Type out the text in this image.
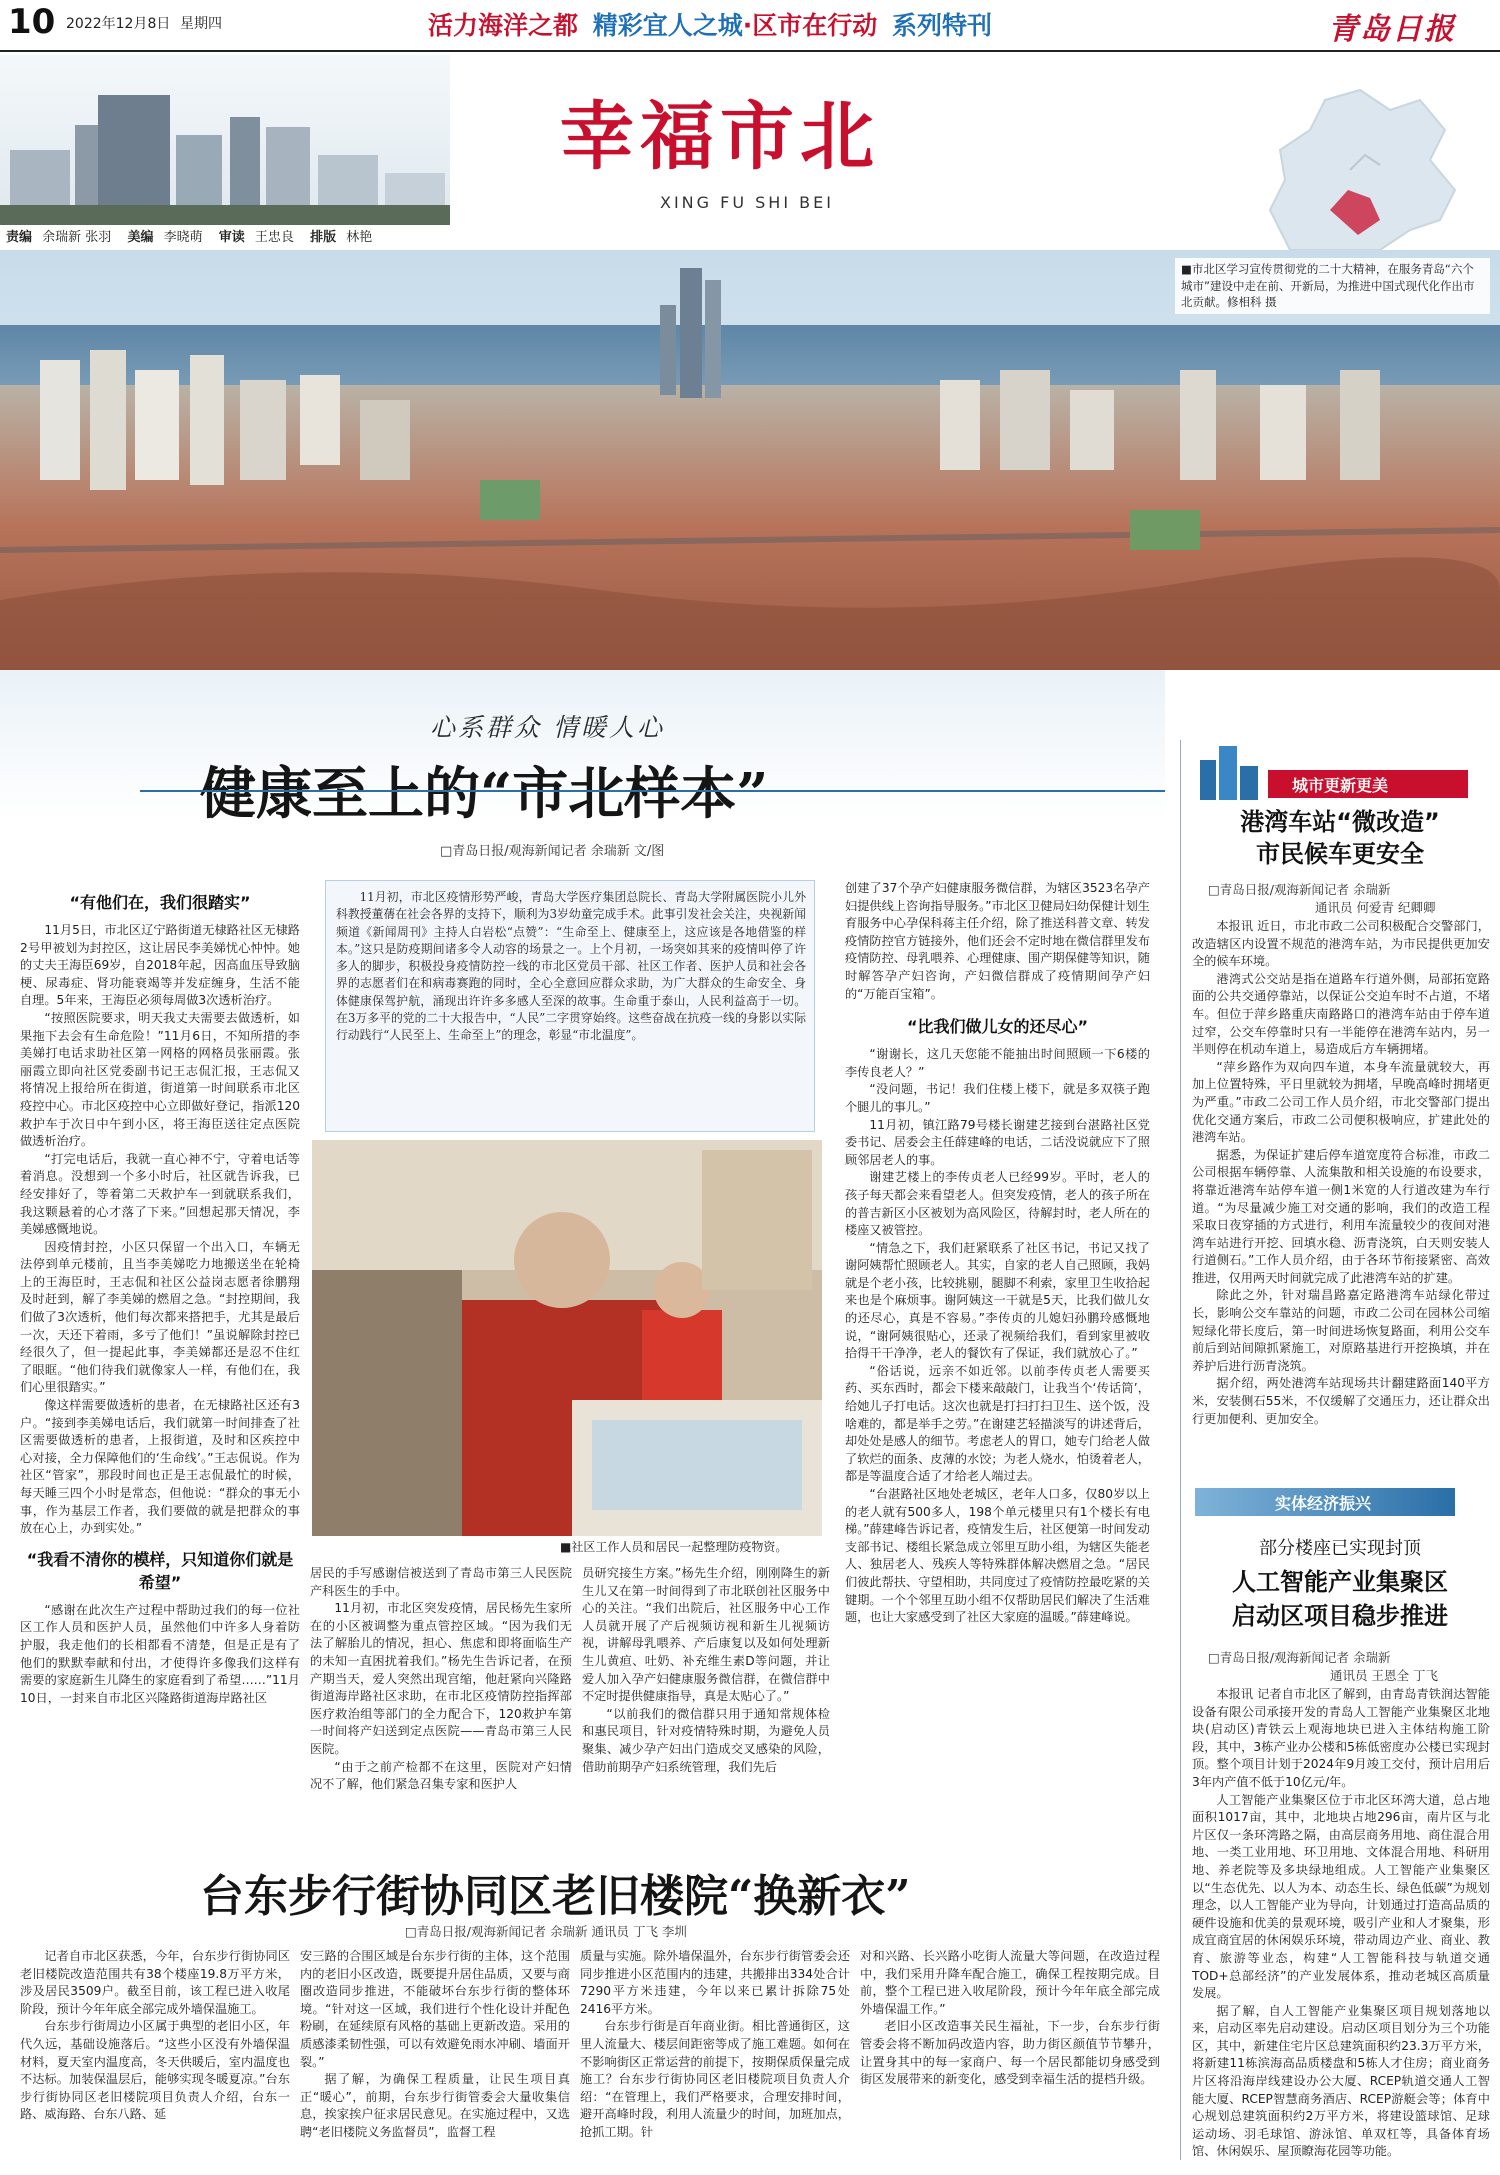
10 2022年12月8日 星期四	活力海洋之都 精彩宜人之城·区市在行动 系列特刊	青岛日报
幸福市北
XING FU SHI BEI
责编 余瑞新 张羽 美编 李晓萌 审读 王忠良 排版 林艳
■市北区学习宣传贯彻党的二十大精神，在服务青岛“六个城市”建设中走在前、开新局，为推进中国式现代化作出市北贡献。修相科 摄
心系群众 情暖人心
健康至上的“市北样本”
□青岛日报/观海新闻记者 余瑞新 文/图
11月初，市北区疫情形势严峻，青岛大学医疗集团总院长、青岛大学附属医院小儿外科教授董蒨在社会各界的支持下，顺利为3岁幼童完成手术。此事引发社会关注，央视新闻频道《新闻周刊》主持人白岩松“点赞”：“生命至上、健康至上，这应该是各地借鉴的样本。”这只是防疫期间诸多令人动容的场景之一。上个月初，一场突如其来的疫情叫停了许多人的脚步，积极投身疫情防控一线的市北区党员干部、社区工作者、医护人员和社会各界的志愿者们在和病毒赛跑的同时，全心全意回应群众求助，为广大群众的生命安全、身体健康保驾护航，涌现出许许多多感人至深的故事。生命重于泰山，人民利益高于一切。在3万多平的党的二十大报告中，“人民”二字贯穿始终。这些奋战在抗疫一线的身影以实际行动践行“人民至上、生命至上”的理念，彰显“市北温度”。
■社区工作人员和居民一起整理防疫物资。
“有他们在，我们很踏实”

11月5日，市北区辽宁路街道无棣路社区无棣路2号甲被划为封控区，这让居民李美娣忧心忡忡。她的丈夫王海臣69岁，自2018年起，因高血压导致脑梗、尿毒症、肾功能衰竭等并发症缠身，生活不能自理。5年来，王海臣必须每周做3次透析治疗。

“按照医院要求，明天我丈夫需要去做透析，如果拖下去会有生命危险！”11月6日，不知所措的李美娣打电话求助社区第一网格的网格员张丽霞。张丽霞立即向社区党委副书记王志侃汇报，王志侃又将情况上报给所在街道，街道第一时间联系市北区疫控中心。市北区疫控中心立即做好登记，指派120救护车于次日中午到小区，将王海臣送往定点医院做透析治疗。

“打完电话后，我就一直心神不宁，守着电话等着消息。没想到一个多小时后，社区就告诉我，已经安排好了，等着第二天救护车一到就联系我们，我这颗悬着的心才落了下来。”回想起那天情况，李美娣感慨地说。

因疫情封控，小区只保留一个出入口，车辆无法停到单元楼前，且当李美娣吃力地搬送坐在轮椅上的王海臣时，王志侃和社区公益岗志愿者徐鹏翔及时赶到，解了李美娣的燃眉之急。“封控期间，我们做了3次透析，他们每次都来搭把手，尤其是最后一次，天还下着雨，多亏了他们！”虽说解除封控已经很久了，但一提起此事，李美娣都还是忍不住红了眼眶。“他们待我们就像家人一样，有他们在，我们心里很踏实。”

像这样需要做透析的患者，在无棣路社区还有3户。“接到李美娣电话后，我们就第一时间排查了社区需要做透析的患者，上报街道，及时和区疾控中心对接，全力保障他们的‘生命线’。”王志侃说。作为社区“管家”，那段时间也正是王志侃最忙的时候，每天睡三四个小时是常态，但他说：“群众的事无小事，作为基层工作者，我们要做的就是把群众的事放在心上，办到实处。”

“我看不清你的模样，只知道你们就是希望”

“感谢在此次生产过程中帮助过我们的每一位社区工作人员和医护人员，虽然他们中许多人身着防护服，我走他们的长相都看不清楚，但是正是有了他们的默默奉献和付出，才使得许多像我们这样有需要的家庭新生儿降生的家庭看到了希望……”11月10日，一封来自市北区兴隆路街道海岸路社区

居民的手写感谢信被送到了青岛市第三人民医院产科医生的手中。

11月初，市北区突发疫情，居民杨先生家所在的小区被调整为重点管控区域。“因为我们无法了解胎儿的情况，担心、焦虑和即将面临生产的未知一直困扰着我们。”杨先生告诉记者，在预产期当天，爱人突然出现宫缩，他赶紧向兴隆路街道海岸路社区求助，在市北区疫情防控指挥部医疗救治组等部门的全力配合下，120救护车第一时间将产妇送到定点医院——青岛市第三人民医院。

“由于之前产检都不在这里，医院对产妇情况不了解，他们紧急召集专家和医护人

员研究接生方案。”杨先生介绍，刚刚降生的新生儿又在第一时间得到了市北联创社区服务中心的关注。“我们出院后，社区服务中心工作人员就开展了产后视频访视和新生儿视频访视，讲解母乳喂养、产后康复以及如何处理新生儿黄疸、吐奶、补充维生素D等问题，并让爱人加入孕产妇健康服务微信群，在微信群中不定时提供健康指导，真是太贴心了。”

“以前我们的微信群只用于通知常规体检和惠民项目，针对疫情特殊时期，为避免人员聚集、减少孕产妇出门造成交叉感染的风险，借助前期孕产妇系统管理，我们先后

创建了37个孕产妇健康服务微信群，为辖区3523名孕产妇提供线上咨询指导服务。”市北区卫健局妇幼保健计划生育服务中心孕保科蒋主任介绍，除了推送科普文章、转发疫情防控官方链接外，他们还会不定时地在微信群里发布疫情防控、母乳喂养、心理健康、围产期保健等知识，随时解答孕产妇咨询，产妇微信群成了疫情期间孕产妇的“万能百宝箱”。

“比我们做儿女的还尽心”

“谢谢长，这几天您能不能抽出时间照顾一下6楼的李传良老人？”

“没问题，书记！我们住楼上楼下，就是多双筷子跑个腿儿的事儿。”

11月初，镇江路79号楼长谢建艺接到台湛路社区党委书记、居委会主任薛建峰的电话，二话没说就应下了照顾邻居老人的事。

谢建艺楼上的李传贞老人已经99岁。平时，老人的孩子每天都会来看望老人。但突发疫情，老人的孩子所在的普吉新区小区被划为高风险区，待解封时，老人所在的楼座又被管控。

“情急之下，我们赶紧联系了社区书记，书记又找了谢阿姨帮忙照顾老人。其实，自家的老人自己照顾，我妈就是个老小孩，比较挑剔，腿脚不利索，家里卫生收拾起来也是个麻烦事。谢阿姨这一干就是5天，比我们做儿女的还尽心，真是不容易。”李传贞的儿媳妇孙鹏玲感慨地说，“谢阿姨很贴心，还录了视频给我们，看到家里被收拾得干干净净，老人的餐饮有了保证，我们就放心了。”

“俗话说，远亲不如近邻。以前李传贞老人需要买药、买东西时，都会下楼来敲敲门，让我当个‘传话筒’，给她儿子打电话。这次也就是打扫打扫卫生、送个饭，没啥难的，都是举手之劳。”在谢建艺轻描淡写的讲述背后，却处处是感人的细节。考虑老人的胃口，她专门给老人做了软烂的面条、皮薄的水饺；为老人烧水，怕烫着老人，都是等温度合适了才给老人端过去。

“台湛路社区地处老城区，老年人口多，仅80岁以上的老人就有500多人，198个单元楼里只有1个楼长有电梯。”薛建峰告诉记者，疫情发生后，社区便第一时间发动支部书记、楼组长紧急成立邻里互助小组，为辖区失能老人、独居老人、残疾人等特殊群体解决燃眉之急。“居民们彼此帮扶、守望相助，共同度过了疫情防控最吃紧的关键期。一个个邻里互助小组不仅帮助居民们解决了生活难题，也让大家感受到了社区大家庭的温暖。”薛建峰说。

城市更新更美
港湾车站“微改造”
市民候车更安全
□青岛日报/观海新闻记者 余瑞新
通讯员 何爱青 纪卿卿

本报讯 近日，市北市政二公司积极配合交警部门，改造辖区内设置不规范的港湾车站，为市民提供更加安全的候车环境。

港湾式公交站是指在道路车行道外侧，局部拓宽路面的公共交通停靠站，以保证公交迫车时不占道，不堵车。但位于萍乡路重庆南路路口的港湾车站由于停车道过窄，公交车停靠时只有一半能停在港湾车站内，另一半则停在机动车道上，易造成后方车辆拥堵。

“萍乡路作为双向四车道，本身车流量就较大，再加上位置特殊，平日里就较为拥堵，早晚高峰时拥堵更为严重。”市政二公司工作人员介绍，市北交警部门提出优化交通方案后，市政二公司便积极响应，扩建此处的港湾车站。

据悉，为保证扩建后停车道宽度符合标准，市政二公司根据车辆停靠、人流集散和相关设施的布设要求，将靠近港湾车站停车道一侧1米宽的人行道改建为车行道。“为尽量减少施工对交通的影响，我们的改造工程采取日夜穿插的方式进行，利用车流量较少的夜间对港湾车站进行开挖、回填水稳、沥青浇筑，白天则安装人行道侧石。”工作人员介绍，由于各环节衔接紧密、高效推进，仅用两天时间就完成了此港湾车站的扩建。

除此之外，针对瑞昌路嘉定路港湾车站绿化带过长，影响公交车靠站的问题，市政二公司在园林公司缩短绿化带长度后，第一时间进场恢复路面，利用公交车前后到站间隙抓紧施工，对原路基进行开挖换填，并在养护后进行沥青浇筑。

据介绍，两处港湾车站现场共计翻建路面140平方米，安装侧石55米，不仅缓解了交通压力，还让群众出行更加便利、更加安全。

实体经济振兴
部分楼座已实现封顶
人工智能产业集聚区
启动区项目稳步推进
□青岛日报/观海新闻记者 余瑞新
通讯员 王恩全 丁飞

本报讯 记者自市北区了解到，由青岛青铁润达智能设备有限公司承接开发的青岛人工智能产业集聚区北地块(启动区)青铁云上观海地块已进入主体结构施工阶段，其中，3栋产业办公楼和5栋低密度办公楼已实现封顶。整个项目计划于2024年9月竣工交付，预计启用后3年内产值不低于10亿元/年。

人工智能产业集聚区位于市北区环湾大道，总占地面积1017亩，其中，北地块占地296亩，南片区与北片区仅一条环湾路之隔，由高层商务用地、商住混合用地、一类工业用地、环卫用地、文体混合用地、科研用地、养老院等及多块绿地组成。人工智能产业集聚区以“生态优先、以人为本、动态生长、绿色低碳”为规划理念，以人工智能产业为导向，计划通过打造高品质的硬件设施和优美的景观环境，吸引产业和人才聚集，形成宜商宜居的休闲娱乐环境，带动周边产业、商业、教育、旅游等业态，构建“人工智能科技与轨道交通TOD+总部经济”的产业发展体系，推动老城区高质量发展。

据了解，自人工智能产业集聚区项目规划落地以来，启动区率先启动建设。启动区项目划分为三个功能区，其中，新建住宅片区总建筑面积约23.3万平方米，将新建11栋滨海高品质楼盘和5栋人才住房；商业商务片区将沿海岸线建设办公大厦、RCEP轨道交通人工智能大厦、RCEP智慧商务酒店、RCEP游艇会等；体育中心规划总建筑面积约2万平方米，将建设篮球馆、足球运动场、羽毛球馆、游泳馆、单双杠等，具备体育场馆、休闲娱乐、屋顶瞭海花园等功能。

台东步行街协同区老旧楼院“换新衣”
□青岛日报/观海新闻记者 余瑞新 通讯员 丁飞 李圳

记者自市北区获悉，今年，台东步行街协同区老旧楼院改造范围共有38个楼座19.8万平方米，涉及居民3509户。截至目前，该工程已进入收尾阶段，预计今年年底全部完成外墙保温施工。

台东步行街周边小区属于典型的老旧小区，年代久远，基础设施落后。“这些小区没有外墙保温材料，夏天室内温度高，冬天供暖后，室内温度也不达标。加装保温层后，能够实现冬暖夏凉。”台东步行街协同区老旧楼院项目负责人介绍，台东一路、威海路、台东八路、延

安三路的合围区域是台东步行街的主体，这个范围内的老旧小区改造，既要提升居住品质，又要与商圈改造同步推进，不能破坏台东步行街的整体环境。“针对这一区域，我们进行个性化设计并配色粉刷，在延续原有风格的基础上更新改造。采用的质感漆柔韧性强，可以有效避免雨水冲刷、墙面开裂。”

据了解，为确保工程质量，让民生项目真正“暖心”，前期，台东步行街管委会大量收集信息，挨家挨户征求居民意见。在实施过程中，又选聘“老旧楼院义务监督员”，监督工程

质量与实施。除外墙保温外，台东步行街管委会还同步推进小区范围内的违建，共搬排出334处合计7290平方米违建，今年以来已累计拆除75处2416平方米。

台东步行街是百年商业街。相比普通街区，这里人流量大、楼层间距密等成了施工难题。如何在不影响街区正常运营的前提下，按期保质保量完成施工？台东步行街协同区老旧楼院项目负责人介绍：“在管理上，我们严格要求，合理安排时间，避开高峰时段，利用人流量少的时间，加班加点，抢抓工期。针

对和兴路、长兴路小吃街人流量大等问题，在改造过程中，我们采用升降车配合施工，确保工程按期完成。目前，整个工程已进入收尾阶段，预计今年年底全部完成外墙保温工作。”

老旧小区改造事关民生福祉，下一步，台东步行街管委会将不断加码改造内容，助力街区颜值节节攀升，让置身其中的每一家商户、每一个居民都能切身感受到街区发展带来的新变化，感受到幸福生活的提档升级。
